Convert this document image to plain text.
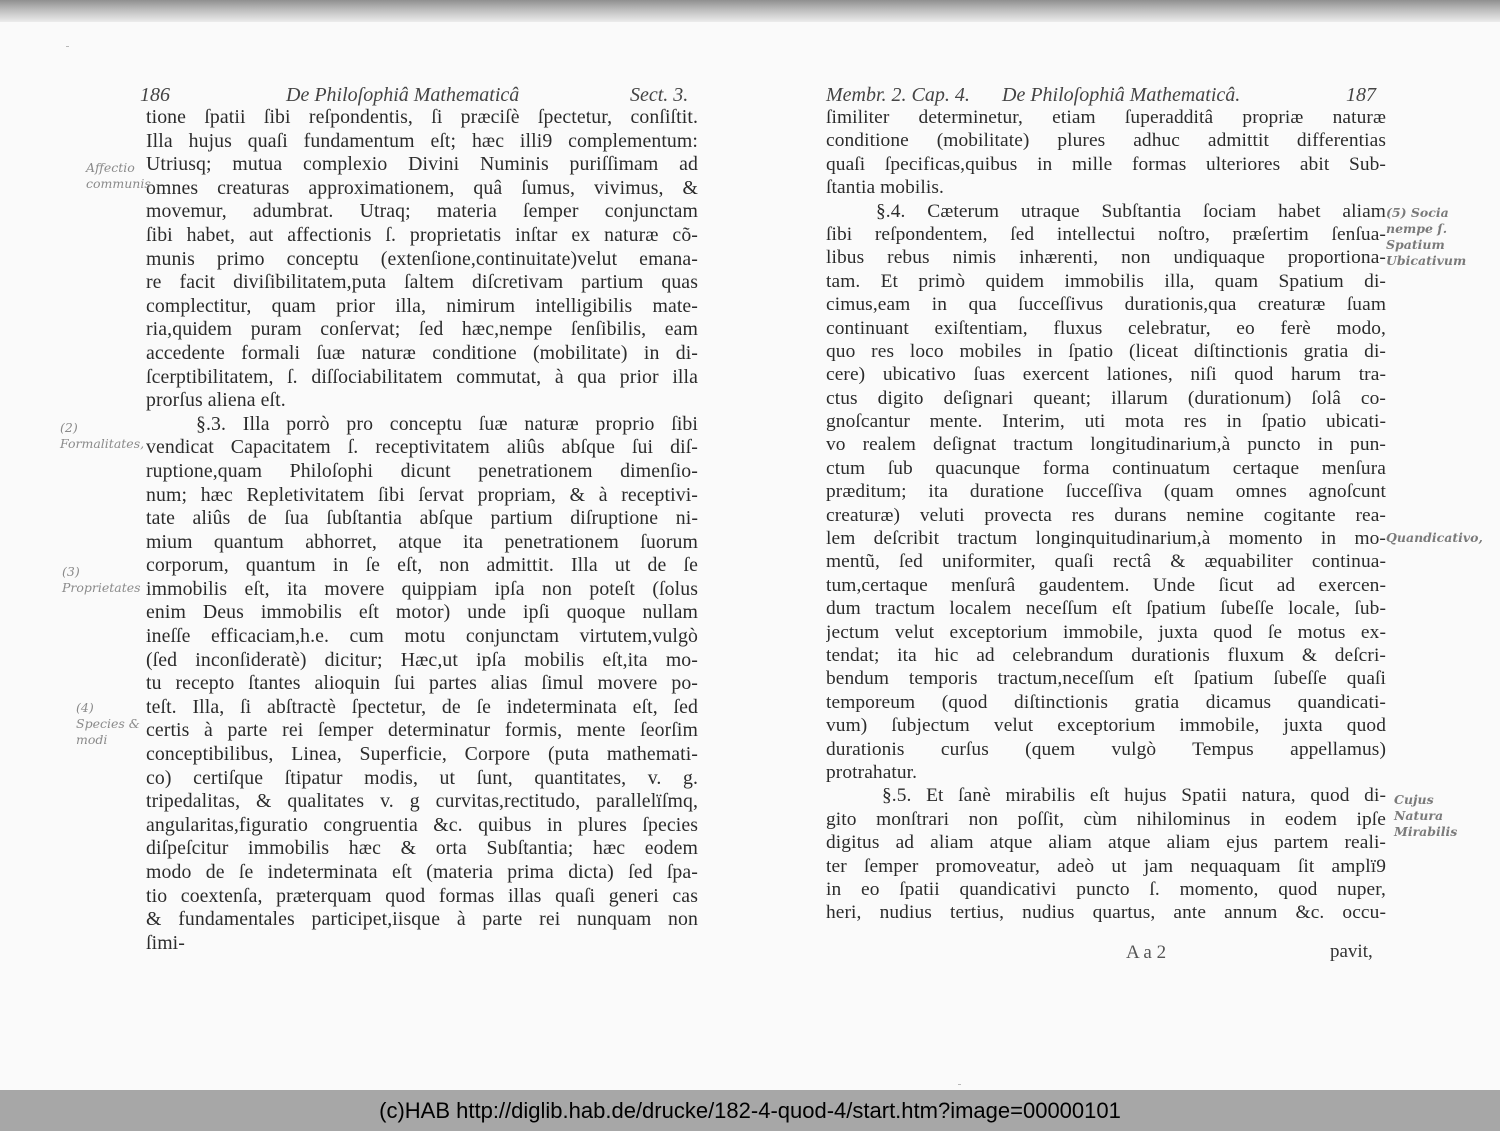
186	De Philoſophiâ Mathematicâ	Sect. 3.
tione ſpatii ſibi reſpondentis, ſi præciſè ſpectetur, conſiſtit.
Illa hujus quaſi fundamentum eſt; hæc illi9 complementum:
Utriusq; mutua complexio Divini Numinis puriſſimam ad
omnes creaturas approximationem, quâ ſumus, vivimus, &
movemur, adumbrat. Utraq; materia ſemper conjunctam
ſibi habet, aut affectionis ſ. proprietatis inſtar ex naturæ cõ-
munis primo conceptu (extenſione,continuitate)velut emana-
re facit diviſibilitatem,puta ſaltem diſcretivam partium quas
complectitur, quam prior illa, nimirum intelligibilis mate-
ria,quidem puram conſervat; ſed hæc,nempe ſenſibilis, eam
accedente formali ſuæ naturæ conditione (mobilitate) in di-
ſcerptibilitatem, ſ. diſſociabilitatem commutat, à qua prior illa
prorſus aliena eſt.
§.3. Illa porrò pro conceptu ſuæ naturæ proprio ſibi
vendicat Capacitatem ſ. receptivitatem aliûs abſque ſui diſ-
ruptione,quam Philoſophi dicunt penetrationem dimenſio-
num; hæc Repletivitatem ſibi ſervat propriam, & à receptivi-
tate aliûs de ſua ſubſtantia abſque partium diſruptione ni-
mium quantum abhorret, atque ita penetrationem ſuorum
corporum, quantum in ſe eſt, non admittit. Illa ut de ſe
immobilis eſt, ita movere quippiam ipſa non poteſt (ſolus
enim Deus immobilis eſt motor) unde ipſi quoque nullam
ineſſe efficaciam,h.e. cum motu conjunctam virtutem,vulgò
(ſed inconſideratè) dicitur; Hæc,ut ipſa mobilis eſt,ita mo-
tu recepto ſtantes alioquin ſui partes alias ſimul movere po-
teſt. Illa, ſi abſtractè ſpectetur, de ſe indeterminata eſt, ſed
certis à parte rei ſemper determinatur formis, mente ſeorſim
conceptibilibus, Linea, Superficie, Corpore (puta mathemati-
co) certiſque ſtipatur modis, ut ſunt, quantitates, v. g.
tripedalitas, & qualitates v. g curvitas,rectitudo, parallelïſmq,
angularitas,figuratio congruentia &c. quibus in plures ſpecies
diſpeſcitur immobilis hæc & orta Subſtantia; hæc eodem
modo de ſe indeterminata eſt (materia prima dicta) ſed ſpa-
tio coextenſa, præterquam quod formas illas quaſi generi cas
& fundamentales participet,iisque à parte rei nunquam non
ſimi-
Affectio communis
(2) Formalitates,
(3) Proprietates
(4) Species & modi
Membr. 2. Cap. 4. De Philoſophiâ Mathematicâ.	187
ſimiliter determinetur, etiam ſuperadditâ propriæ naturæ
conditione (mobilitate) plures adhuc admittit differentias
quaſi ſpecificas,quibus in mille formas ulteriores abit Sub-
ſtantia mobilis.
§.4. Cæterum utraque Subſtantia ſociam habet aliam
ſibi reſpondentem, ſed intellectui noſtro, præſertim ſenſua-
libus rebus nimis inhærenti, non undiquaque proportiona-
tam. Et primò quidem immobilis illa, quam Spatium di-
cimus,eam in qua ſucceſſivus durationis,qua creaturæ ſuam
continuant exiſtentiam, fluxus celebratur, eo ferè modo,
quo res loco mobiles in ſpatio (liceat diſtinctionis gratia di-
cere) ubicativo ſuas exercent lationes, niſi quod harum tra-
ctus digito deſignari queant; illarum (durationum) ſolâ co-
gnoſcantur mente. Interim, uti mota res in ſpatio ubicati-
vo realem deſignat tractum longitudinarium,à puncto in pun-
ctum ſub quacunque forma continuatum certaque menſura
præditum; ita duratione ſucceſſiva (quam omnes agnoſcunt
creaturæ) veluti provecta res durans nemine cogitante rea-
lem deſcribit tractum longinquitudinarium,à momento in mo-
mentũ, ſed uniformiter, quaſi rectâ & æquabiliter continua-
tum,certaque menſurâ gaudentem. Unde ſicut ad exercen-
dum tractum localem neceſſum eſt ſpatium ſubeſſe locale, ſub-
jectum velut exceptorium immobile, juxta quod ſe motus ex-
tendat; ita hic ad celebrandum durationis fluxum & deſcri-
bendum temporis tractum,neceſſum eſt ſpatium ſubeſſe quaſi
temporeum (quod diſtinctionis gratia dicamus quandicati-
vum) ſubjectum velut exceptorium immobile, juxta quod
durationis curſus (quem vulgò Tempus appellamus)
protrahatur.
§.5. Et ſanè mirabilis eſt hujus Spatii natura, quod di-
gito monſtrari non poſſit, cùm nihilominus in eodem ipſe
digitus ad aliam atque aliam atque aliam ejus partem reali-
ter ſemper promoveatur, adeò ut jam nequaquam ſit amplï9
in eo ſpatii quandicativi puncto ſ. momento, quod nuper,
heri, nudius tertius, nudius quartus, ante annum &c. occu-
(5) Socia nempe ſ. Spatium Ubicativum
Quandicativo,
Cujus Natura Mirabilis
A a 2	pavit,
(c)HAB http://diglib.hab.de/drucke/182-4-quod-4/start.htm?image=00000101
